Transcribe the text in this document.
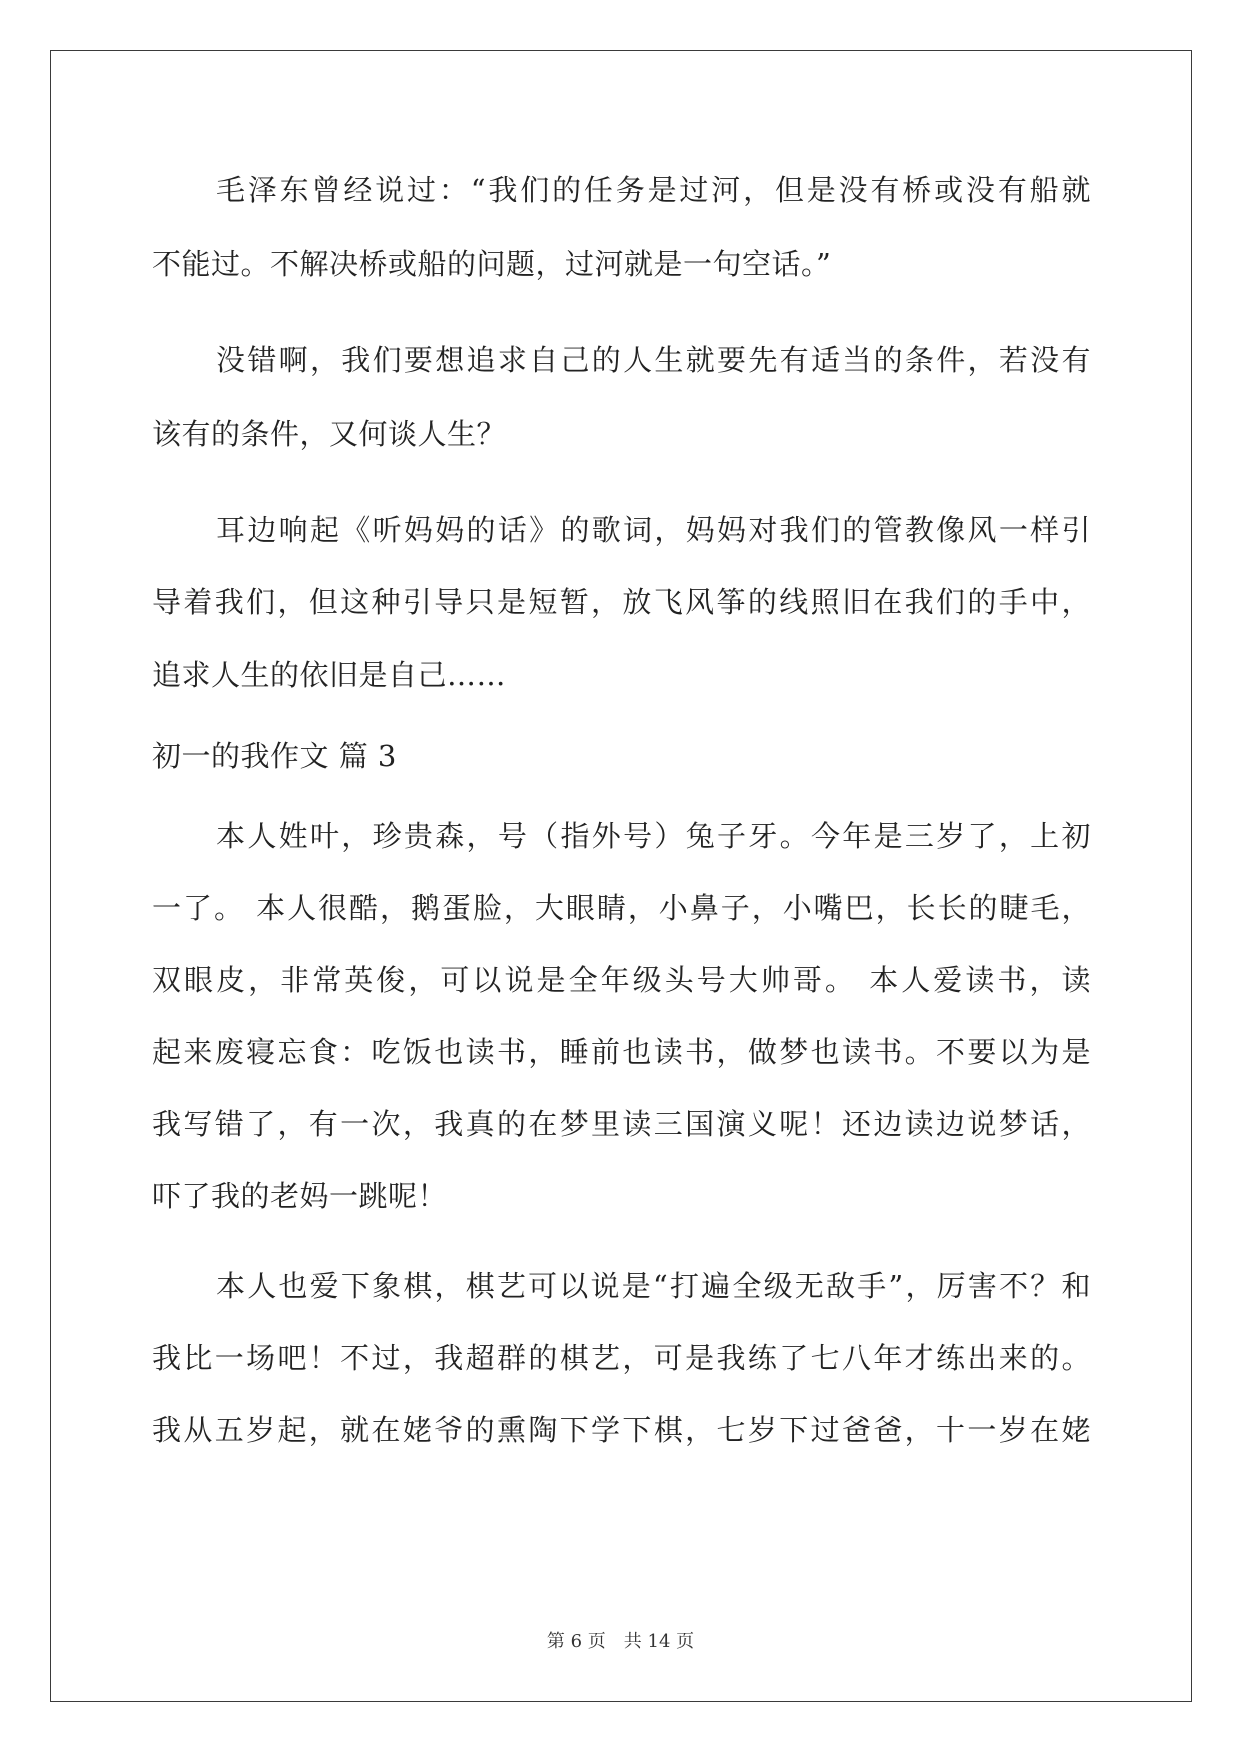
毛泽东曾经说过：“我们的任务是过河，但是没有桥或没有船就
不能过。不解决桥或船的问题，过河就是一句空话。”
没错啊，我们要想追求自己的人生就要先有适当的条件，若没有
该有的条件，又何谈人生？
耳边响起《听妈妈的话》的歌词，妈妈对我们的管教像风一样引
导着我们，但这种引导只是短暂，放飞风筝的线照旧在我们的手中，
追求人生的依旧是自己……
初一的我作文 篇 3
本人姓叶，珍贵森，号（指外号）兔子牙。今年是三岁了，上初
一了。 本人很酷，鹅蛋脸，大眼睛，小鼻子，小嘴巴，长长的睫毛，
双眼皮，非常英俊，可以说是全年级头号大帅哥。 本人爱读书，读
起来废寝忘食：吃饭也读书，睡前也读书，做梦也读书。不要以为是
我写错了，有一次，我真的在梦里读三国演义呢！还边读边说梦话，
吓了我的老妈一跳呢！
本人也爱下象棋，棋艺可以说是“打遍全级无敌手”，厉害不？和
我比一场吧！不过，我超群的棋艺，可是我练了七八年才练出来的。
我从五岁起，就在姥爷的熏陶下学下棋，七岁下过爸爸，十一岁在姥
第 6 页 共 14 页
